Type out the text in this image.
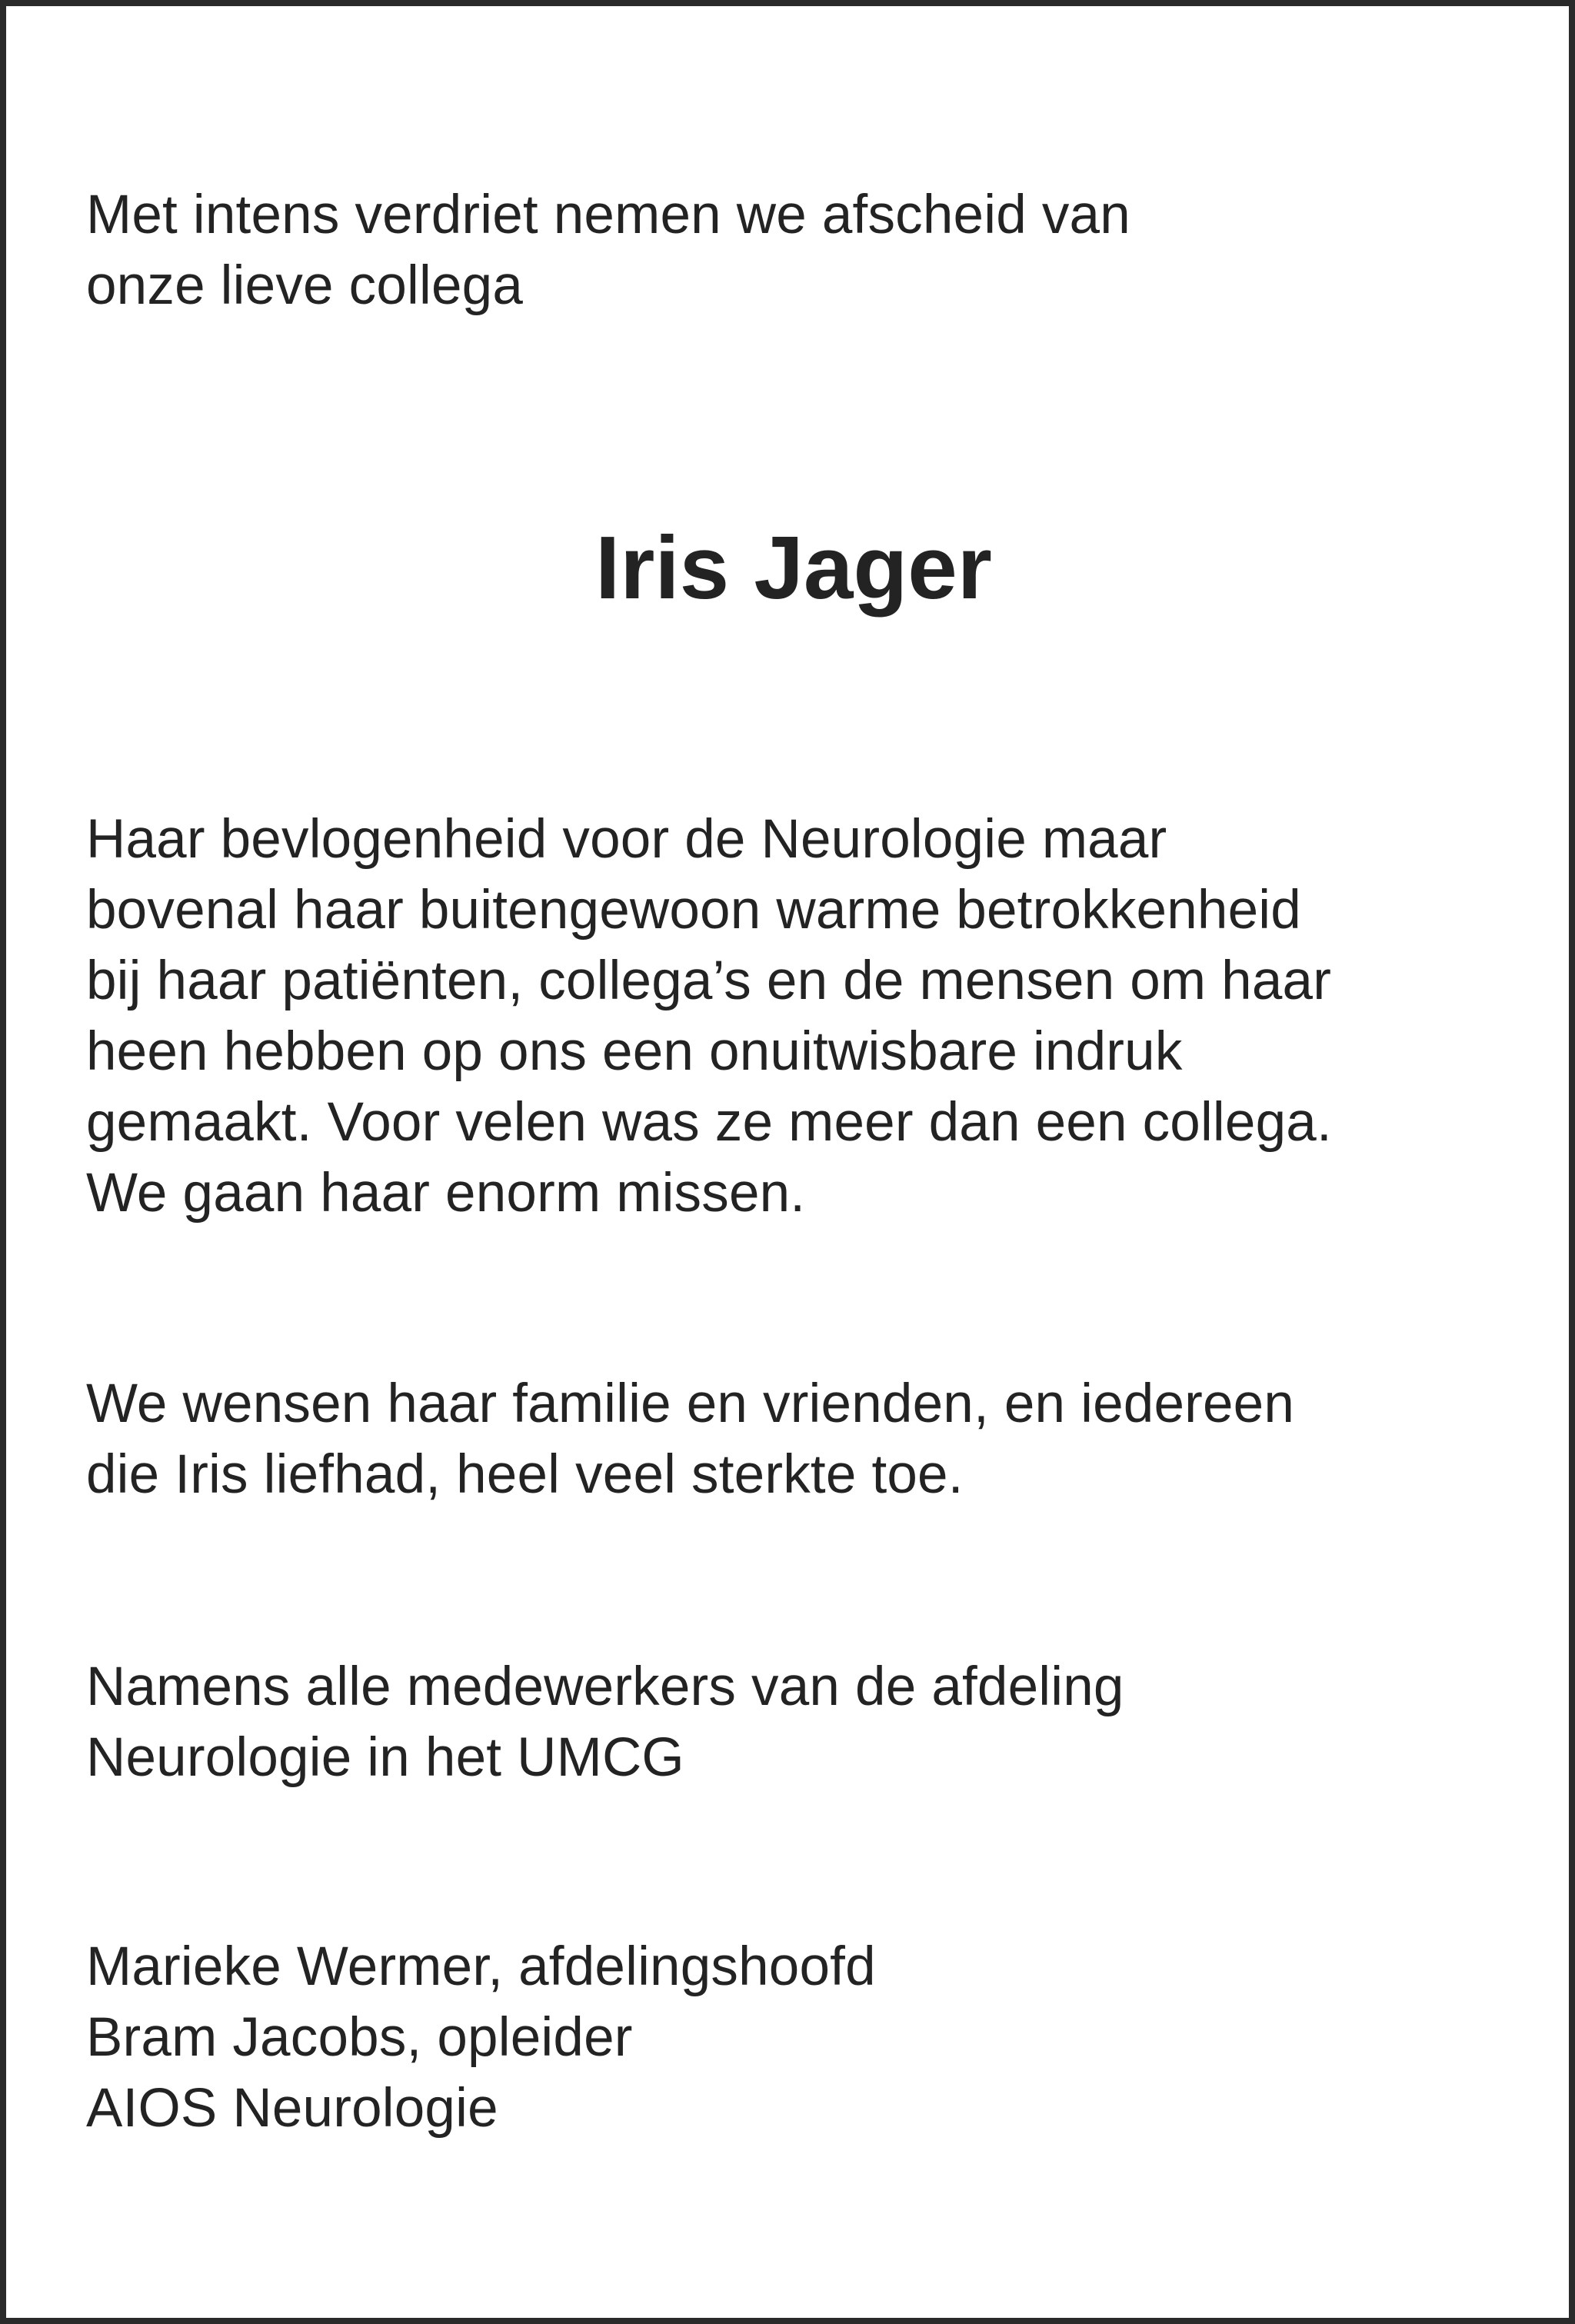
Met intens verdriet nemen we afscheid van
onze lieve collega
Iris Jager
Haar bevlogenheid voor de Neurologie maar
bovenal haar buitengewoon warme betrokkenheid
bij haar patiënten, collega’s en de mensen om haar
heen hebben op ons een onuitwisbare indruk
gemaakt. Voor velen was ze meer dan een collega.
We gaan haar enorm missen.
We wensen haar familie en vrienden, en iedereen
die Iris liefhad, heel veel sterkte toe.
Namens alle medewerkers van de afdeling
Neurologie in het UMCG
Marieke Wermer, afdelingshoofd
Bram Jacobs, opleider
AIOS Neurologie
